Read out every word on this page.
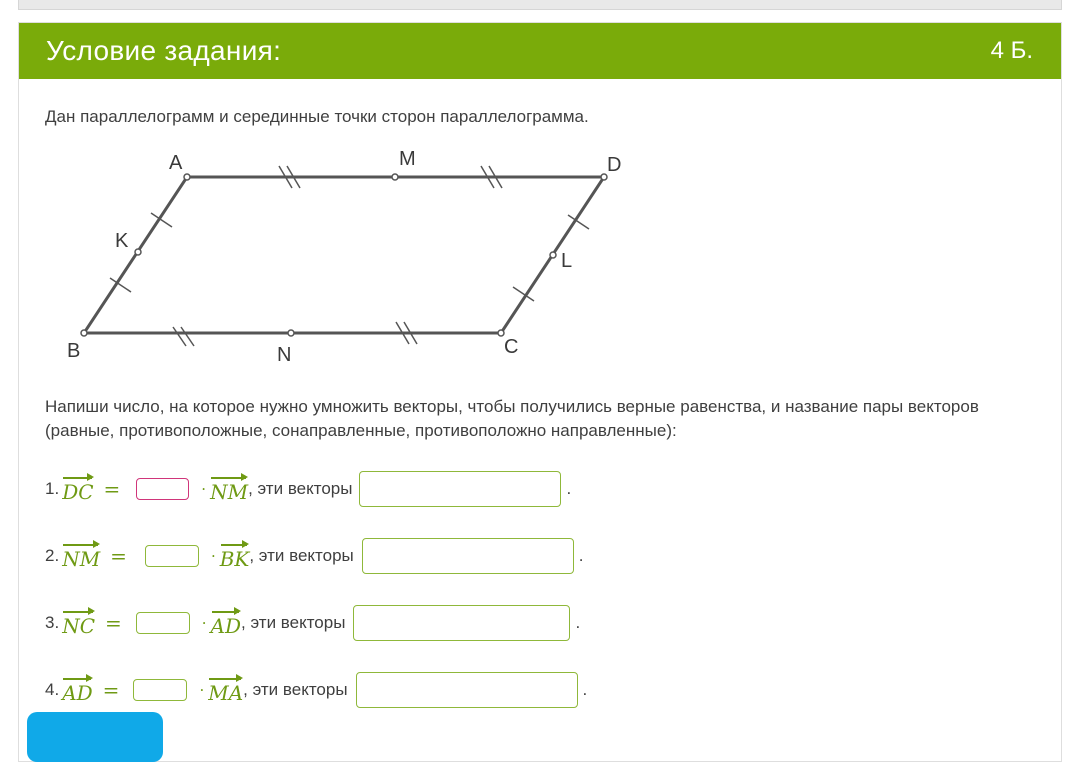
Условие задания:	4 Б.
Дан параллелограмм и серединные точки сторон параллелограмма.
A	M	D
K
L
B	N	C
Напиши число, на которое нужно умножить векторы, чтобы получились верные равенства, и название пары векторов (равные, противоположные, сонаправленные, противоположно направленные):
1. DC =	· NM , эти векторы	.
2. NM =	· BK , эти векторы	.
3. NC =	· AD , эти векторы	.
4. AD =	· MA , эти векторы	.
